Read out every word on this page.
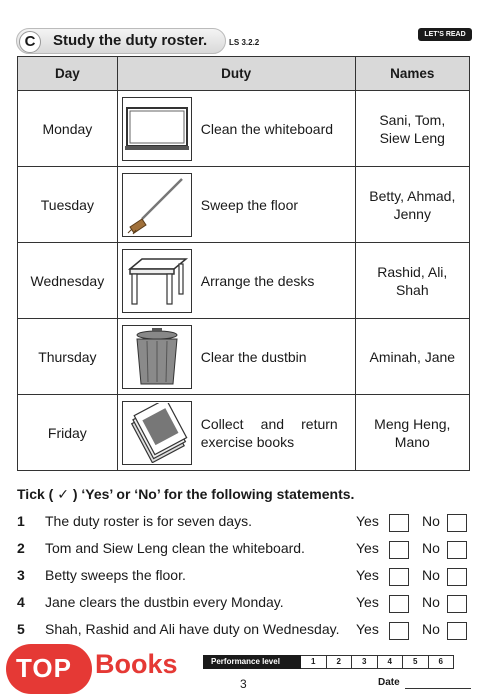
C	Study the duty roster.	LS 3.2.2
LET'S READ
Day	Duty	Names
Monday	Clean the whiteboard	Sani, Tom,
Siew Leng

Tuesday	Sweep the floor	Betty, Ahmad,
Jenny

Wednesday	Arrange the desks	Rashid, Ali,
Shah

Thursday	Clear the dustbin	Aminah, Jane

Friday	Collect and return exercise books	Meng Heng,
Mano
Tick ( ✓ ) ‘Yes’ or ‘No’ for the following statements.
1 The duty roster is for seven days.	Yes	No
2 Tom and Siew Leng clean the whiteboard.	Yes	No
3 Betty sweeps the floor.	Yes	No
4 Jane clears the dustbin every Monday.	Yes	No
5 Shah, Rashid and Ali have duty on Wednesday. Yes	No
TOP Books	Performance level	1	2	3	4	5	6
3	Date
